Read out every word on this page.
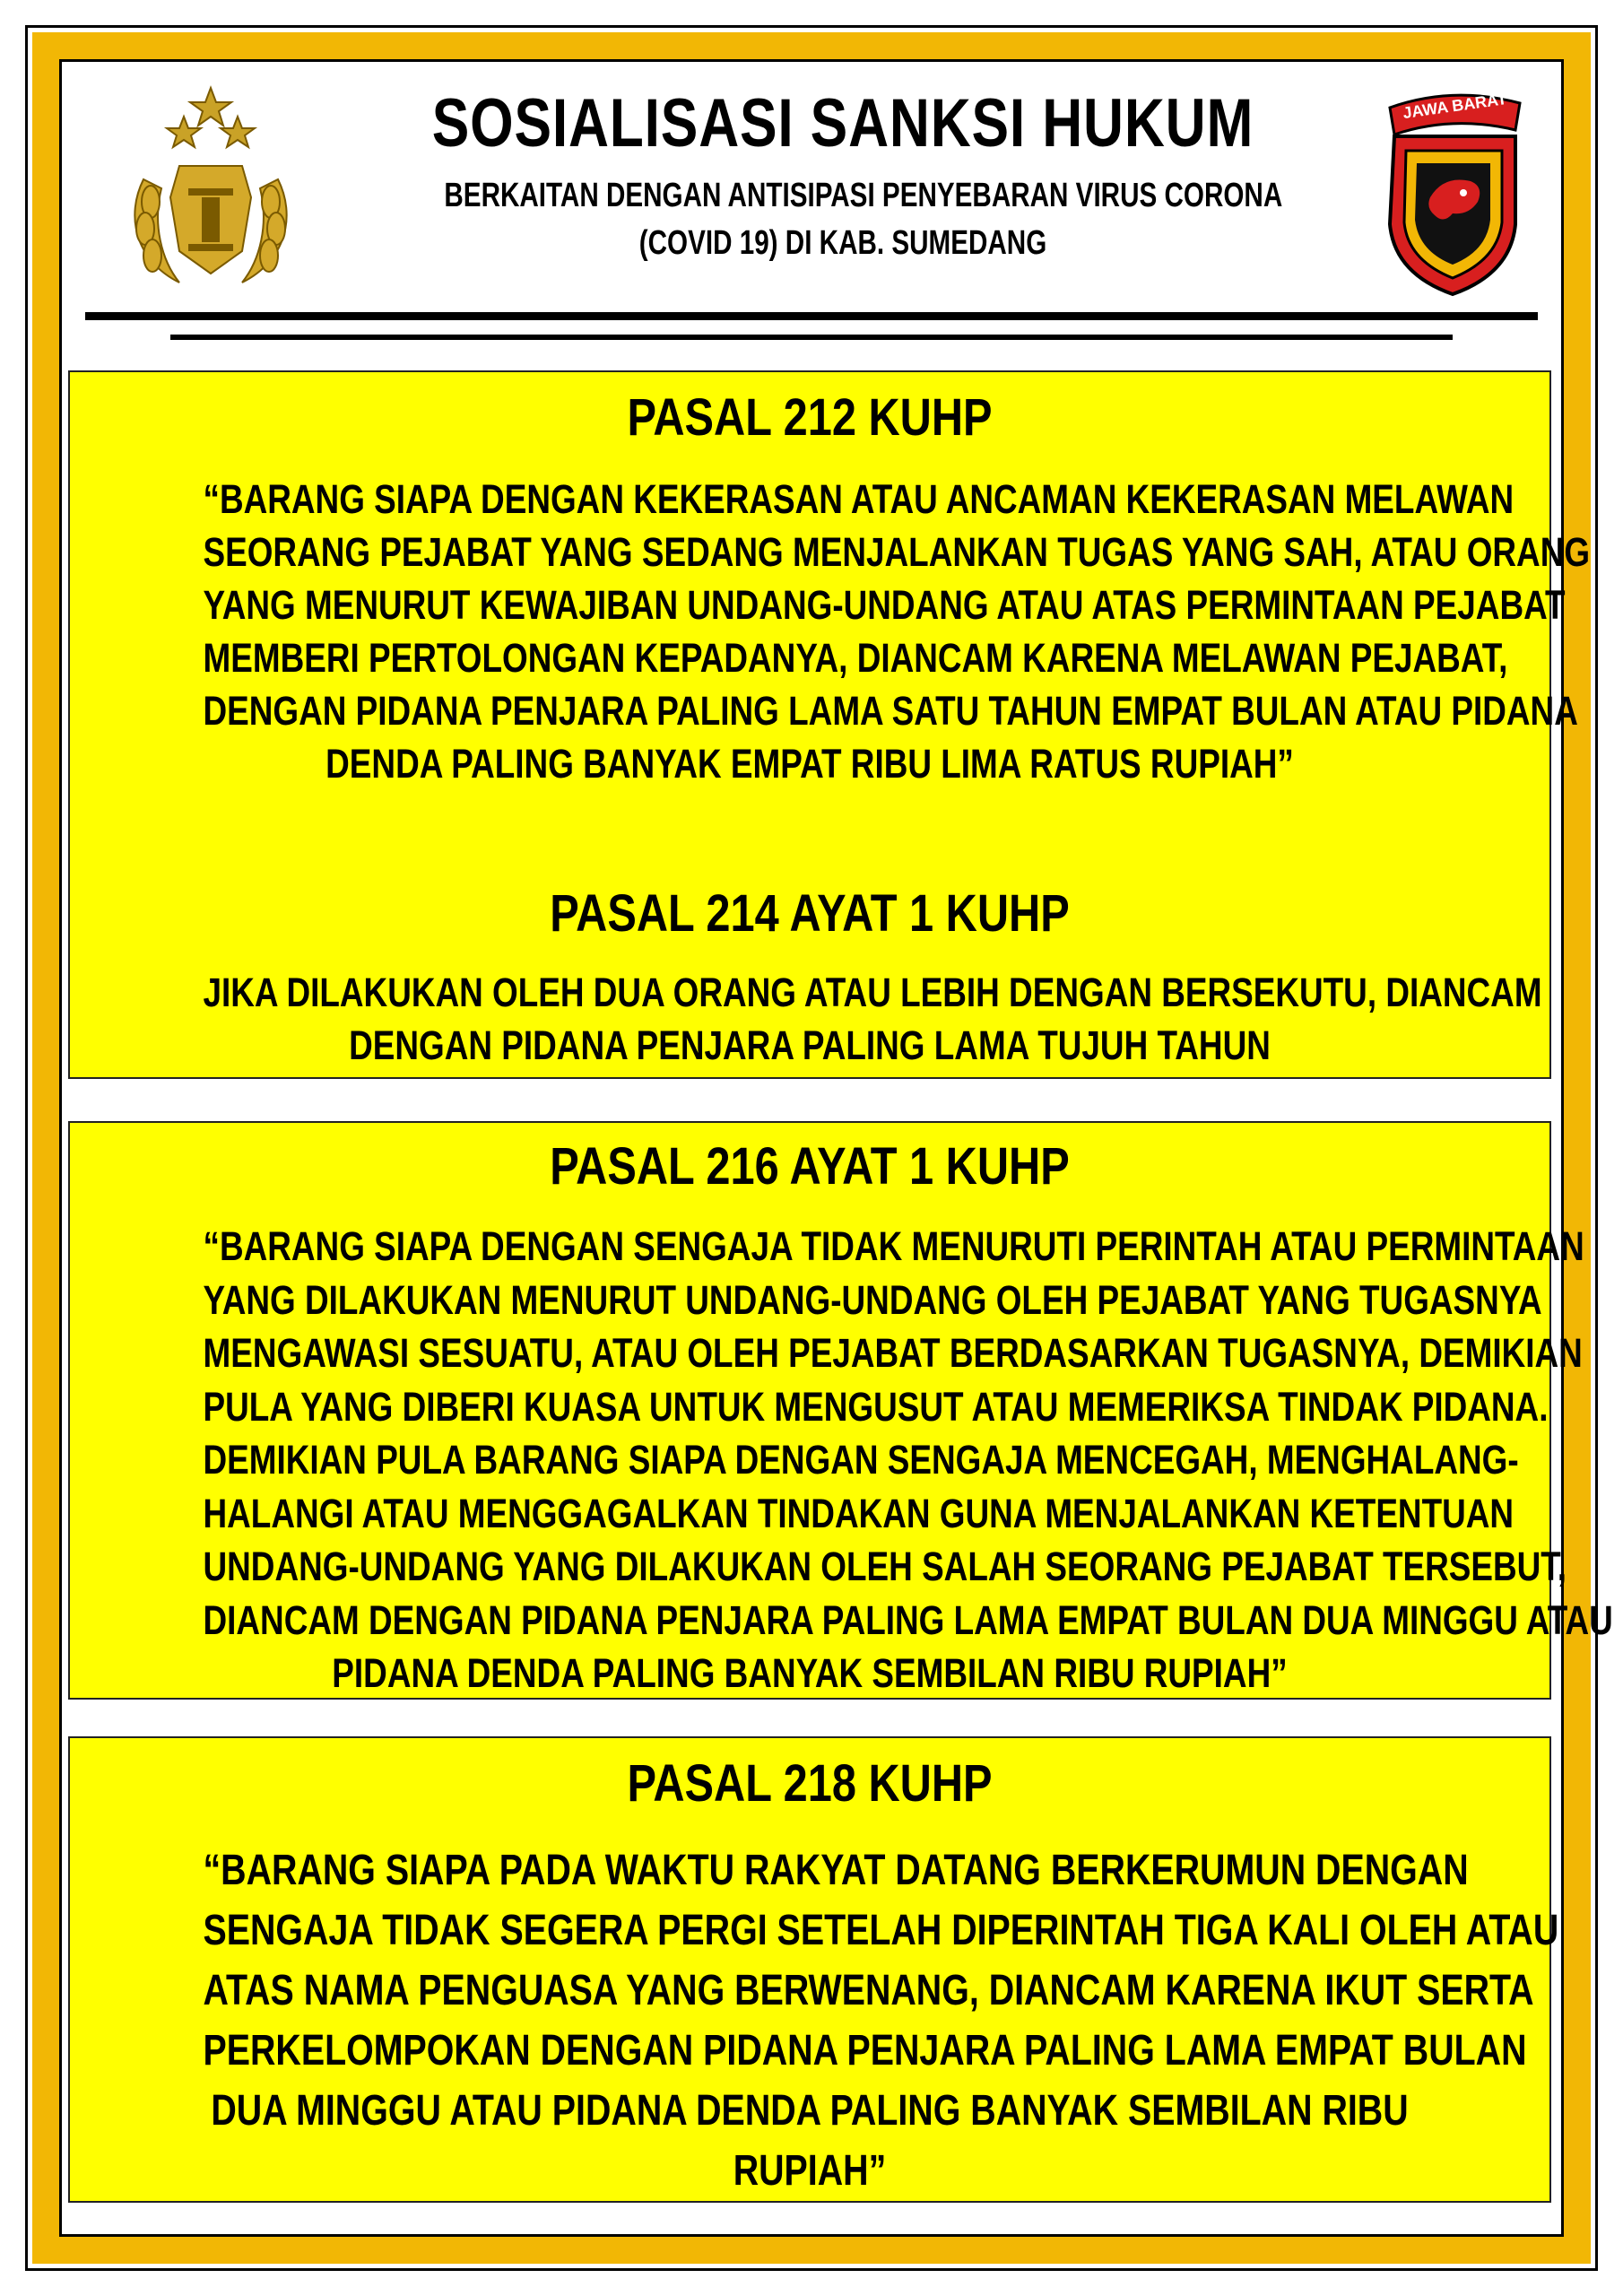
SOSIALISASI SANKSI HUKUM
BERKAITAN DENGAN ANTISIPASI PENYEBARAN VIRUS CORONA
(COVID 19) DI KAB. SUMEDANG
JAWA BARAT
PASAL 212 KUHP
“BARANG SIAPA DENGAN KEKERASAN ATAU ANCAMAN KEKERASAN MELAWAN
SEORANG PEJABAT YANG SEDANG MENJALANKAN TUGAS YANG SAH, ATAU ORANG
YANG MENURUT KEWAJIBAN UNDANG-UNDANG ATAU ATAS PERMINTAAN PEJABAT
MEMBERI PERTOLONGAN KEPADANYA, DIANCAM KARENA MELAWAN PEJABAT,
DENGAN PIDANA PENJARA PALING LAMA SATU TAHUN EMPAT BULAN ATAU PIDANA
DENDA PALING BANYAK EMPAT RIBU LIMA RATUS RUPIAH”
PASAL 214 AYAT 1 KUHP
JIKA DILAKUKAN OLEH DUA ORANG ATAU LEBIH DENGAN BERSEKUTU, DIANCAM
DENGAN PIDANA PENJARA PALING LAMA TUJUH TAHUN
PASAL 216 AYAT 1 KUHP
“BARANG SIAPA DENGAN SENGAJA TIDAK MENURUTI PERINTAH ATAU PERMINTAAN
YANG DILAKUKAN MENURUT UNDANG-UNDANG OLEH PEJABAT YANG TUGASNYA
MENGAWASI SESUATU, ATAU OLEH PEJABAT BERDASARKAN TUGASNYA, DEMIKIAN
PULA YANG DIBERI KUASA UNTUK MENGUSUT ATAU MEMERIKSA TINDAK PIDANA.
DEMIKIAN PULA BARANG SIAPA DENGAN SENGAJA MENCEGAH, MENGHALANG-
HALANGI ATAU MENGGAGALKAN TINDAKAN GUNA MENJALANKAN KETENTUAN
UNDANG-UNDANG YANG DILAKUKAN OLEH SALAH SEORANG PEJABAT TERSEBUT,
DIANCAM DENGAN PIDANA PENJARA PALING LAMA EMPAT BULAN DUA MINGGU ATAU
PIDANA DENDA PALING BANYAK SEMBILAN RIBU RUPIAH”
PASAL 218 KUHP
“BARANG SIAPA PADA WAKTU RAKYAT DATANG BERKERUMUN DENGAN
SENGAJA TIDAK SEGERA PERGI SETELAH DIPERINTAH TIGA KALI OLEH ATAU
ATAS NAMA PENGUASA YANG BERWENANG, DIANCAM KARENA IKUT SERTA
PERKELOMPOKAN DENGAN PIDANA PENJARA PALING LAMA EMPAT BULAN
DUA MINGGU ATAU PIDANA DENDA PALING BANYAK SEMBILAN RIBU
RUPIAH”
